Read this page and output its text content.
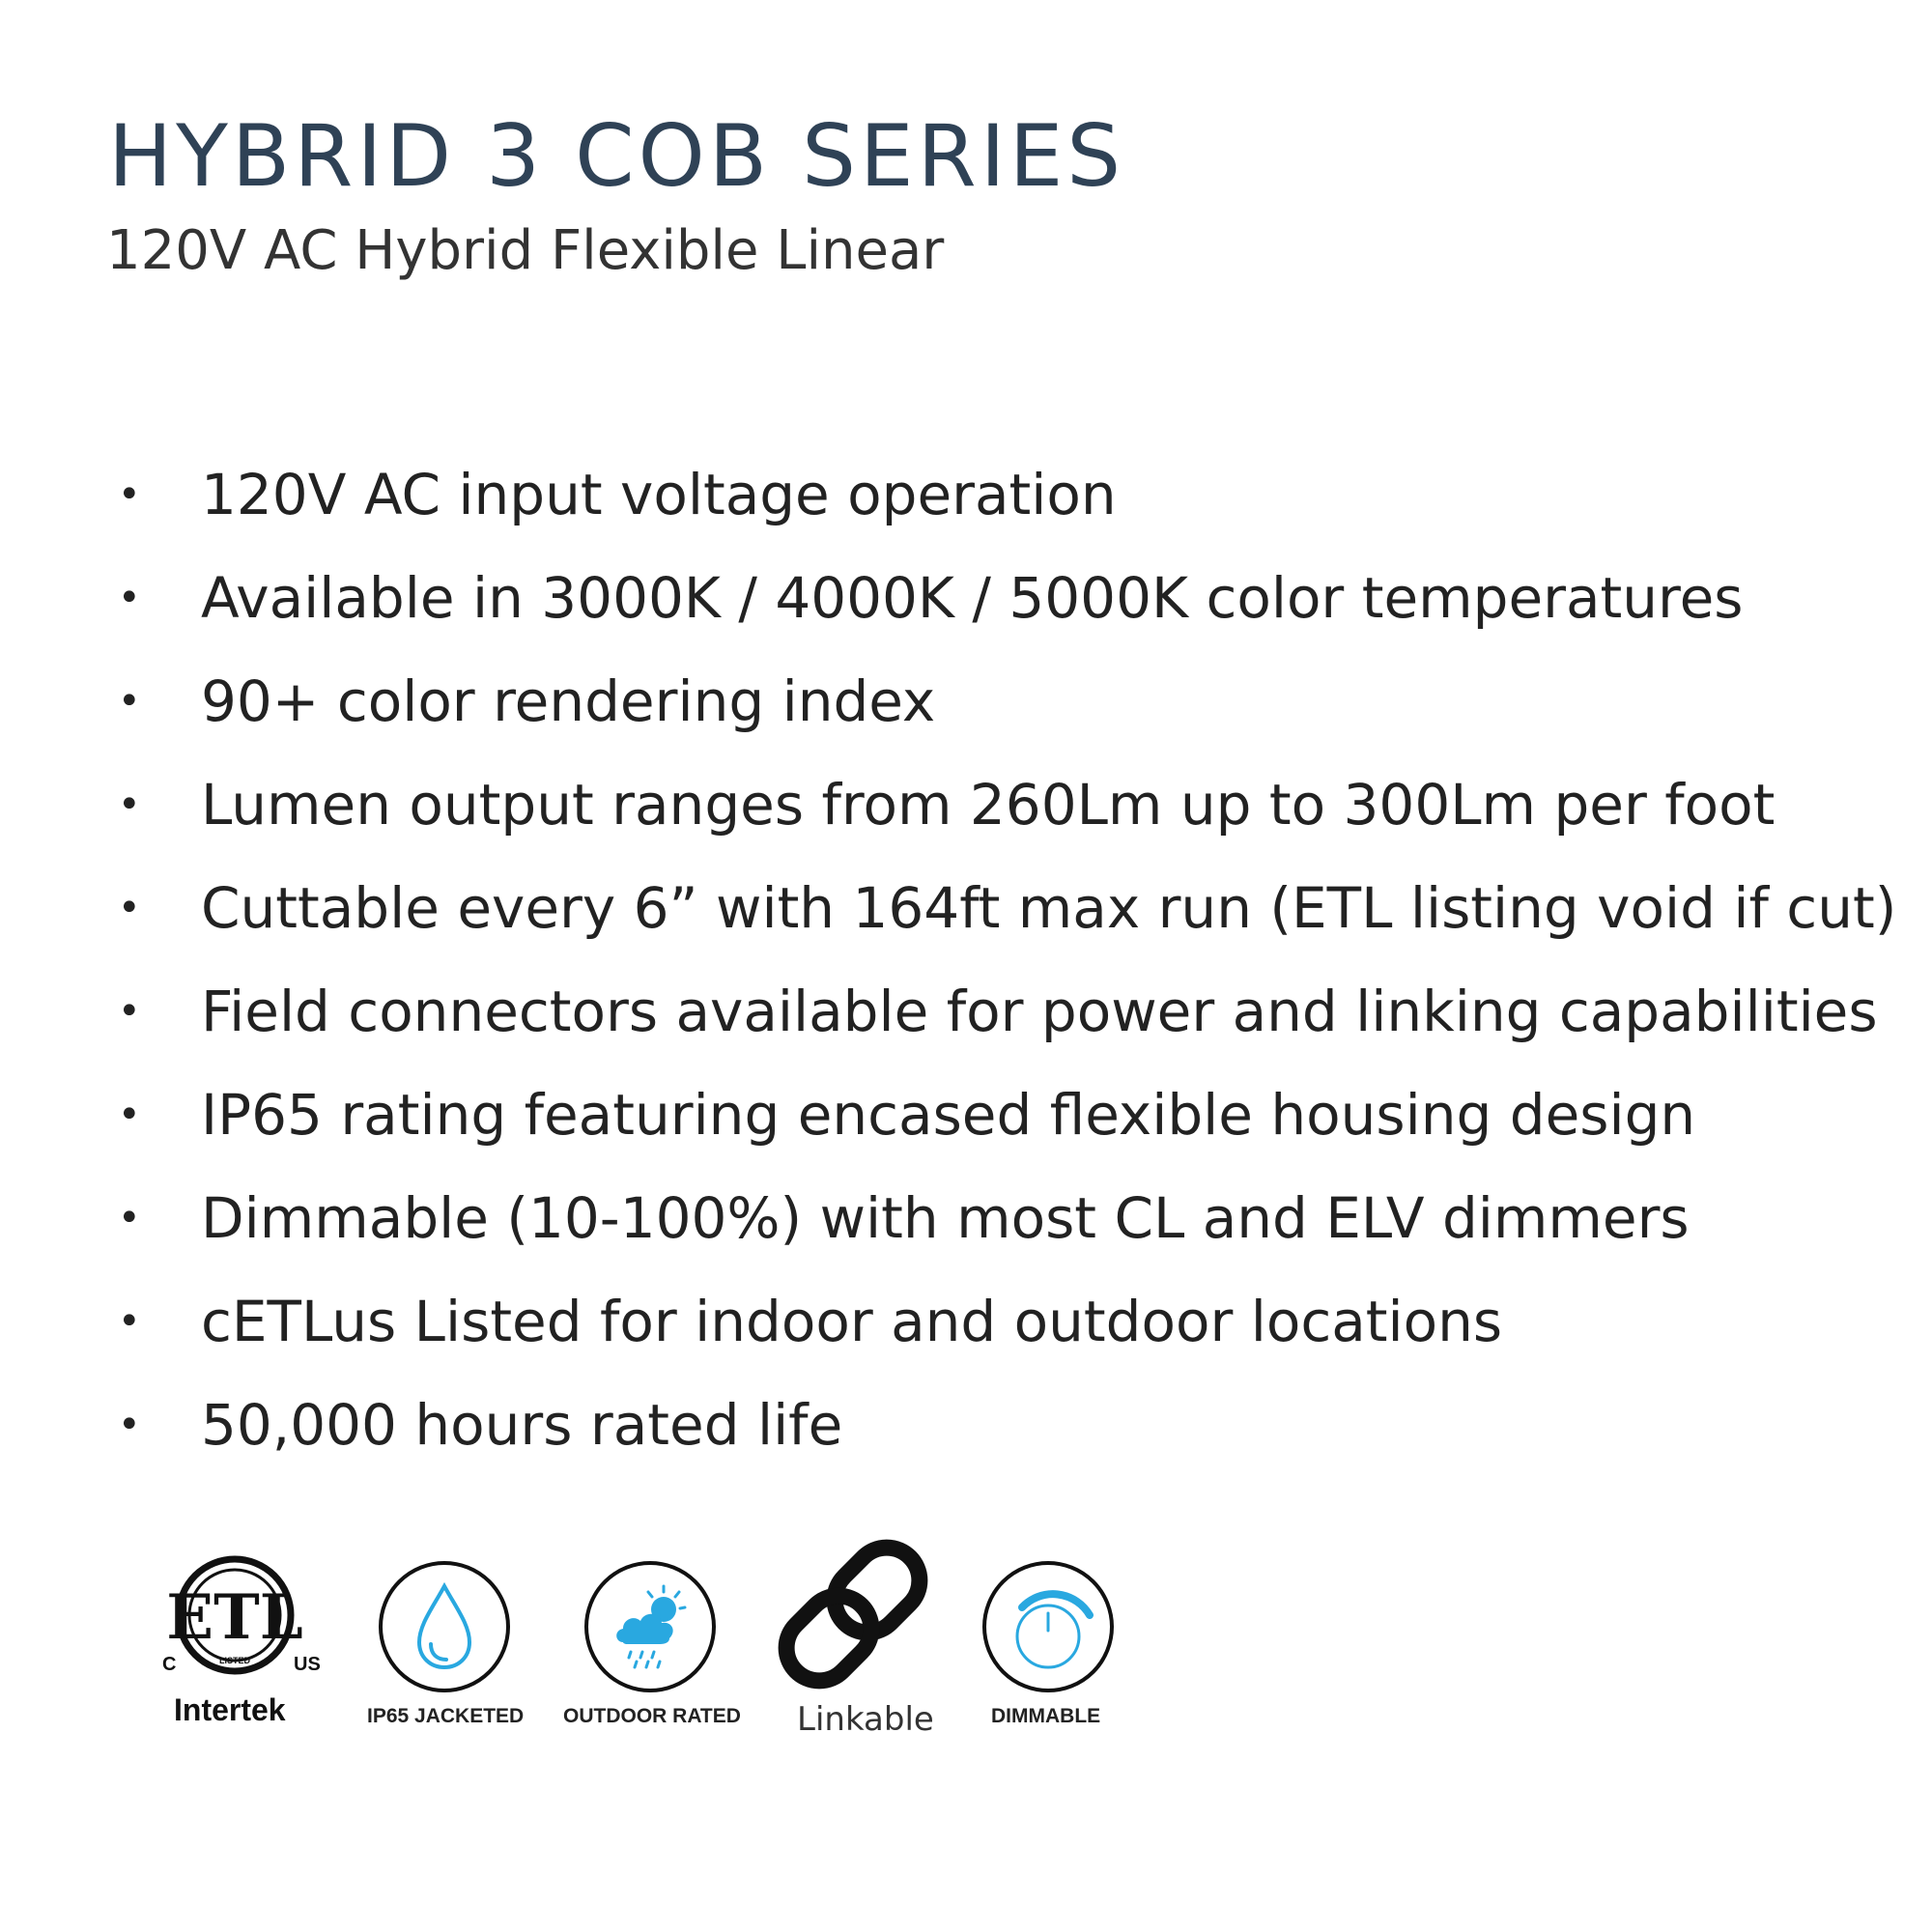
HYBRID 3 COB SERIES
120V AC Hybrid Flexible Linear
• 120V AC input voltage operation
• Available in 3000K / 4000K / 5000K color temperatures
• 90+ color rendering index
• Lumen output ranges from 260Lm up to 300Lm per foot
• Cuttable every 6” with 164ft max run (ETL listing void if cut)
• Field connectors available for power and linking capabilities
• IP65 rating featuring encased flexible housing design
• Dimmable (10-100%) with most CL and ELV dimmers
• cETLus Listed for indoor and outdoor locations
• 50,000 hours rated life
ETL
LISTED
C	US
Intertek	IP65 JACKETED OUTDOOR RATED Linkable	DIMMABLE
